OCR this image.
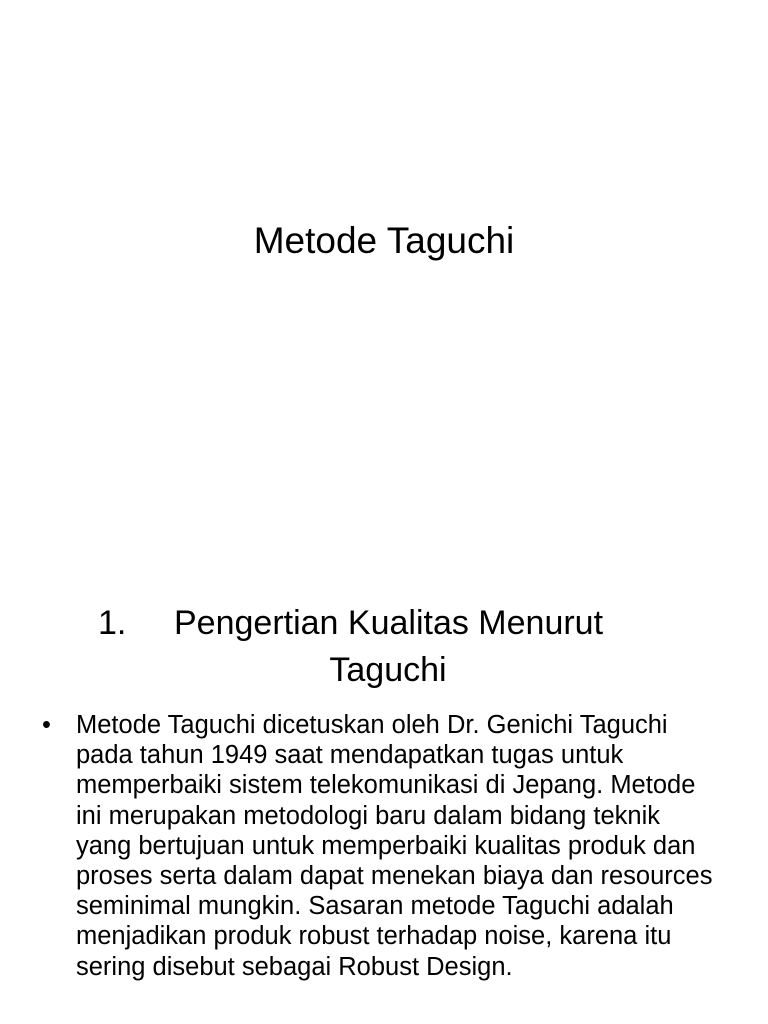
Metode Taguchi
1.	Pengertian Kualitas Menurut
Taguchi
• Metode Taguchi dicetuskan oleh Dr. Genichi Taguchi pada tahun 1949 saat mendapatkan tugas untuk memperbaiki sistem telekomunikasi di Jepang. Metode ini merupakan metodologi baru dalam bidang teknik yang bertujuan untuk memperbaiki kualitas produk dan proses serta dalam dapat menekan biaya dan resources seminimal mungkin. Sasaran metode Taguchi adalah menjadikan produk robust terhadap noise, karena itu sering disebut sebagai Robust Design.
